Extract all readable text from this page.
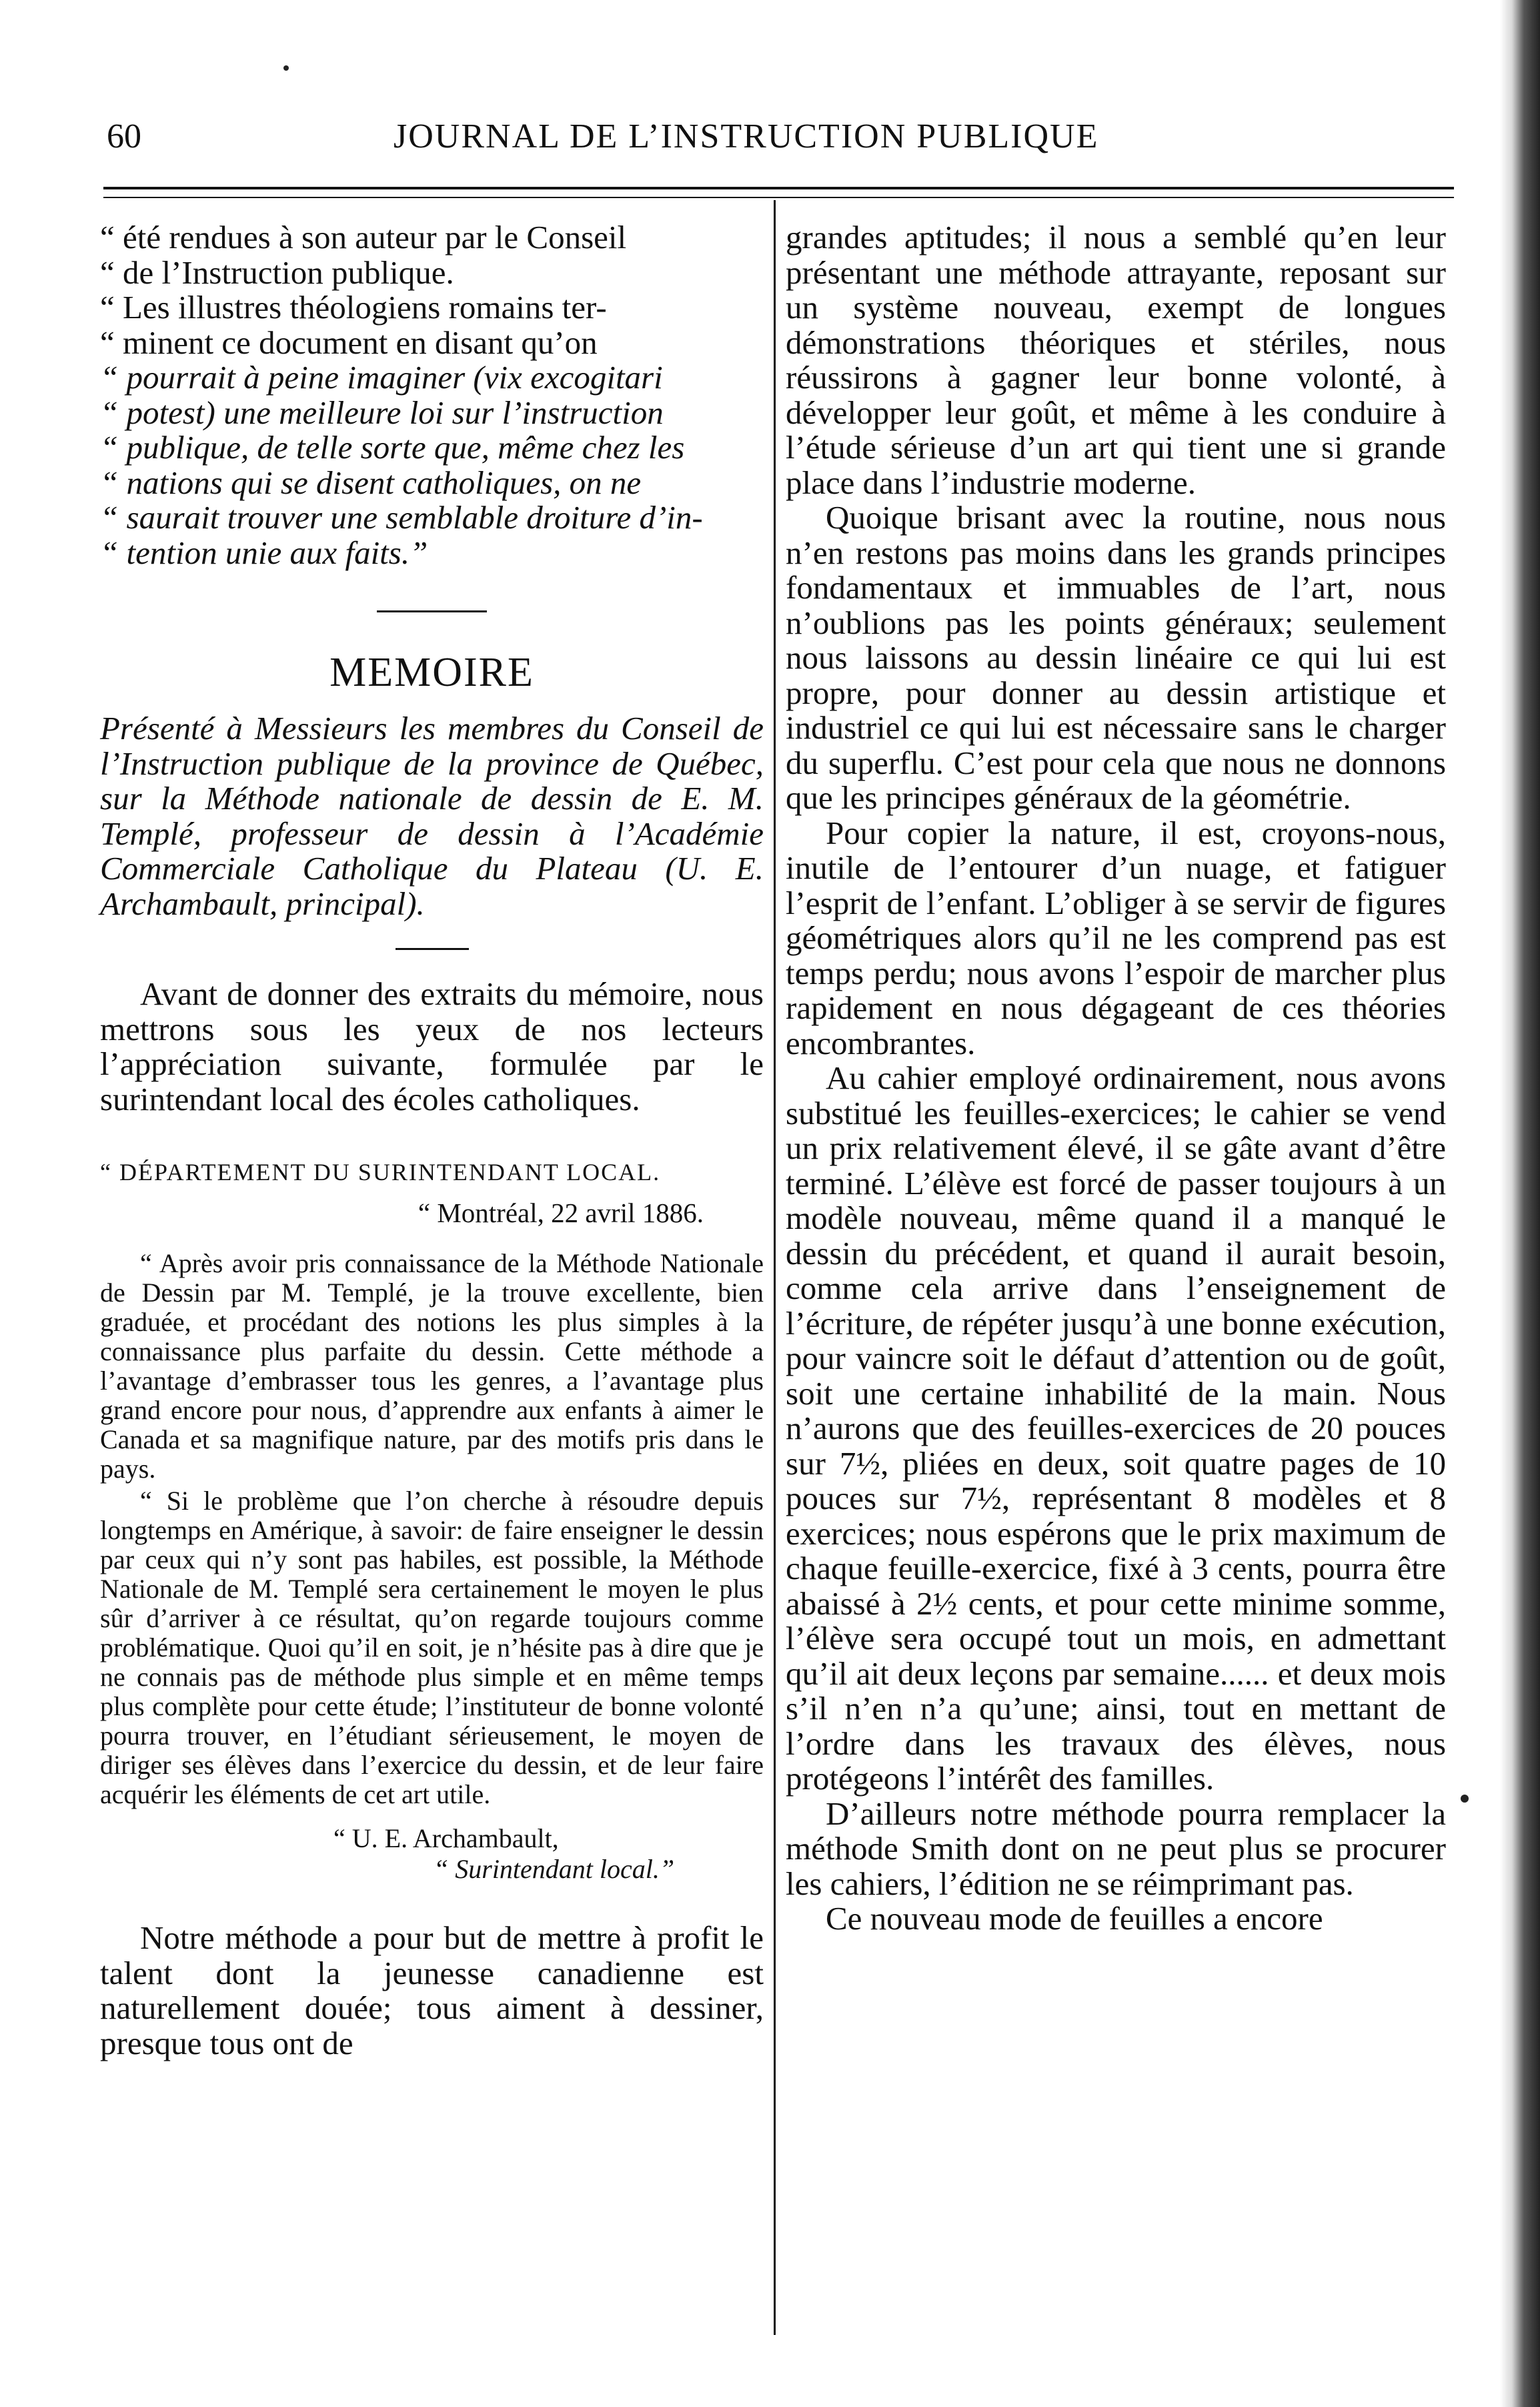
60	JOURNAL DE L’INSTRUCTION PUBLIQUE

“ été rendues à son auteur par le Conseil

“ de l’Instruction publique.

“ Les illustres théologiens romains ter-

“ minent ce document en disant qu’on

“ pourrait à peine imaginer (vix excogitari

“ potest) une meilleure loi sur l’instruction

“ publique, de telle sorte que, même chez les

“ nations qui se disent catholiques, on ne

“ saurait trouver une semblable droiture d’in-

“ tention unie aux faits.”

MEMOIRE

Présenté à Messieurs les membres du Conseil de l’Instruction publique de la province de Québec, sur la Méthode nationale de dessin de E. M. Templé, professeur de dessin à l’Académie Commerciale Catholique du Plateau (U. E. Archambault, principal).

Avant de donner des extraits du mémoire, nous mettrons sous les yeux de nos lecteurs l’appréciation suivante, formulée par le surintendant local des écoles catholiques.

“ DÉPARTEMENT DU SURINTENDANT LOCAL.

“ Montréal, 22 avril 1886.

“ Après avoir pris connaissance de la Méthode Nationale de Dessin par M. Templé, je la trouve excellente, bien graduée, et procédant des notions les plus simples à la connaissance plus parfaite du dessin. Cette méthode a l’avantage d’embrasser tous les genres, a l’avantage plus grand encore pour nous, d’apprendre aux enfants à aimer le Canada et sa magnifique nature, par des motifs pris dans le pays.

“ Si le problème que l’on cherche à résoudre depuis longtemps en Amérique, à savoir: de faire enseigner le dessin par ceux qui n’y sont pas habiles, est possible, la Méthode Nationale de M. Templé sera certainement le moyen le plus sûr d’arriver à ce résultat, qu’on regarde toujours comme problématique. Quoi qu’il en soit, je n’hésite pas à dire que je ne connais pas de méthode plus simple et en même temps plus complète pour cette étude; l’instituteur de bonne volonté pourra trouver, en l’étudiant sérieusement, le moyen de diriger ses élèves dans l’exercice du dessin, et de leur faire acquérir les éléments de cet art utile.

“ U. E. Archambault,

“ Surintendant local.”

Notre méthode a pour but de mettre à profit le talent dont la jeunesse canadienne est naturellement douée; tous aiment à dessiner, presque tous ont de

grandes aptitudes; il nous a semblé qu’en leur présentant une méthode attrayante, reposant sur un système nouveau, exempt de longues démonstrations théoriques et stériles, nous réussirons à gagner leur bonne volonté, à développer leur goût, et même à les conduire à l’étude sérieuse d’un art qui tient une si grande place dans l’industrie moderne.

Quoique brisant avec la routine, nous nous n’en restons pas moins dans les grands principes fondamentaux et immuables de l’art, nous n’oublions pas les points généraux; seulement nous laissons au dessin linéaire ce qui lui est propre, pour donner au dessin artistique et industriel ce qui lui est nécessaire sans le charger du superflu. C’est pour cela que nous ne donnons que les principes généraux de la géométrie.

Pour copier la nature, il est, croyons-nous, inutile de l’entourer d’un nuage, et fatiguer l’esprit de l’enfant. L’obliger à se servir de figures géométriques alors qu’il ne les comprend pas est temps perdu; nous avons l’espoir de marcher plus rapidement en nous dégageant de ces théories encombrantes.

Au cahier employé ordinairement, nous avons substitué les feuilles-exercices; le cahier se vend un prix relativement élevé, il se gâte avant d’être terminé. L’élève est forcé de passer toujours à un modèle nouveau, même quand il a manqué le dessin du précédent, et quand il aurait besoin, comme cela arrive dans l’enseignement de l’écriture, de répéter jusqu’à une bonne exécution, pour vaincre soit le défaut d’attention ou de goût, soit une certaine inhabilité de la main. Nous n’aurons que des feuilles-exercices de 20 pouces sur 7½, pliées en deux, soit quatre pages de 10 pouces sur 7½, représentant 8 modèles et 8 exercices; nous espérons que le prix maximum de chaque feuille-exercice, fixé à 3 cents, pourra être abaissé à 2½ cents, et pour cette minime somme, l’élève sera occupé tout un mois, en admettant qu’il ait deux leçons par semaine...... et deux mois s’il n’en n’a qu’une; ainsi, tout en mettant de l’ordre dans les travaux des élèves, nous protégeons l’intérêt des familles.

D’ailleurs notre méthode pourra remplacer la méthode Smith dont on ne peut plus se procurer les cahiers, l’édition ne se réimprimant pas.

Ce nouveau mode de feuilles a encore
